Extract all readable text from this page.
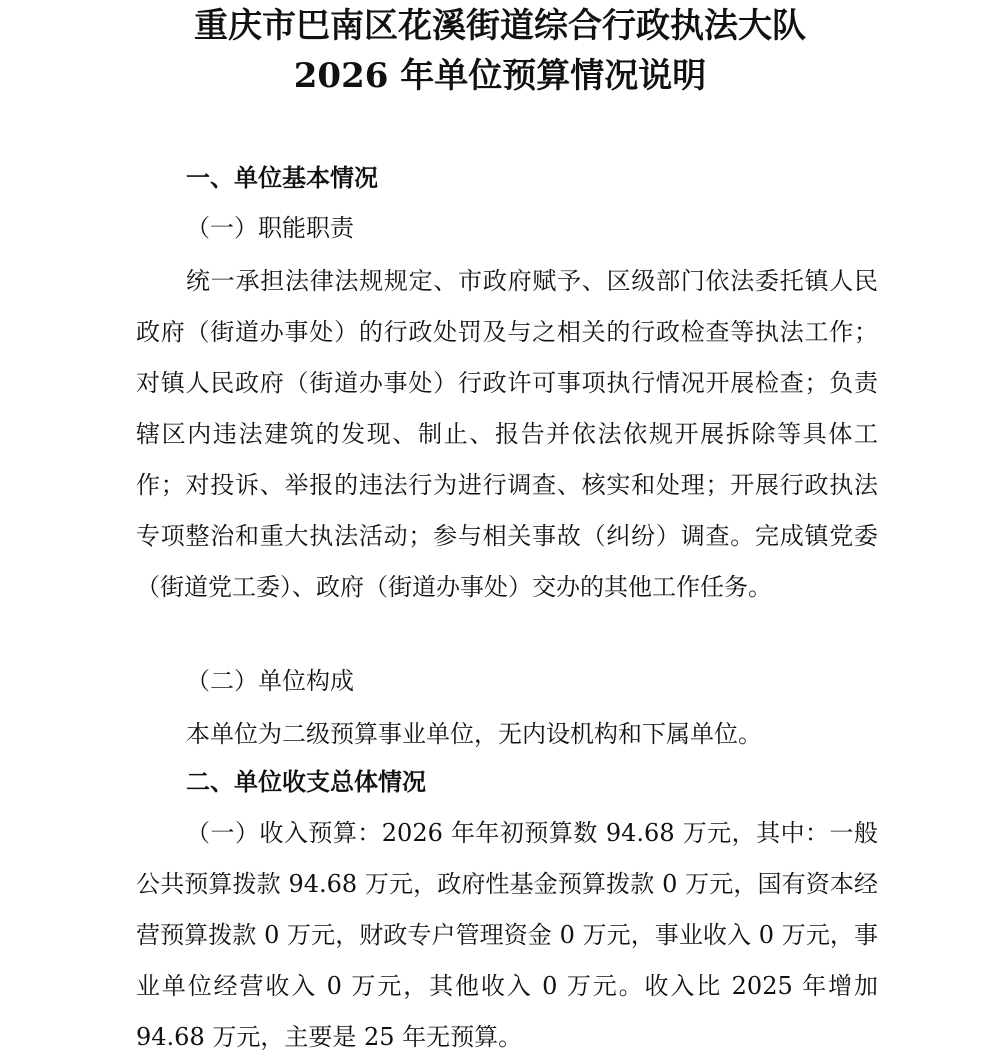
重庆市巴南区花溪街道综合行政执法大队
2026 年单位预算情况说明
一、单位基本情况
（一）职能职责
统一承担法律法规规定、市政府赋予、区级部门依法委托镇人民政府（街道办事处）的行政处罚及与之相关的行政检查等执法工作；对镇人民政府（街道办事处）行政许可事项执行情况开展检查；负责辖区内违法建筑的发现、制止、报告并依法依规开展拆除等具体工作；对投诉、举报的违法行为进行调查、核实和处理；开展行政执法专项整治和重大执法活动；参与相关事故（纠纷）调查。完成镇党委（街道党工委）、政府（街道办事处）交办的其他工作任务。
（二）单位构成
本单位为二级预算事业单位，无内设机构和下属单位。
二、单位收支总体情况
（一）收入预算：2026 年年初预算数 94.68 万元，其中：一般公共预算拨款 94.68 万元，政府性基金预算拨款 0 万元，国有资本经营预算拨款 0 万元，财政专户管理资金 0 万元，事业收入 0 万元，事业单位经营收入 0 万元，其他收入 0 万元。收入比 2025 年增加 94.68 万元，主要是 25 年无预算。
